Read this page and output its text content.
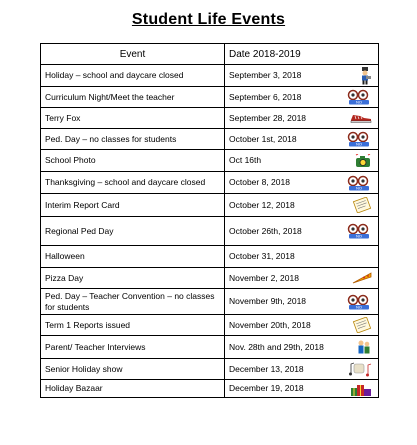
Student Life Events
Event	Date 2018-2019
Holiday – school and daycare closed	September 3, 2018

Curriculum Night/Meet the teacher	September 6, 2018
NO

Terry Fox	September 28, 2018

Ped. Day – no classes for students	October 1st, 2018
NO

School Photo	Oct 16th

Thanksgiving – school and daycare closed	October 8, 2018
NO

Interim Report Card	October 12, 2018

Regional Ped Day	October 26th, 2018
NO

Halloween	October 31, 2018
Pizza Day	November 2, 2018

Ped. Day – Teacher Convention – no classes for students	November 9th, 2018
NO

Term 1 Reports issued	November 20th, 2018

Parent/ Teacher Interviews	Nov. 28th and 29th, 2018

Senior Holiday show	December 13, 2018

Holiday Bazaar	December 19, 2018
